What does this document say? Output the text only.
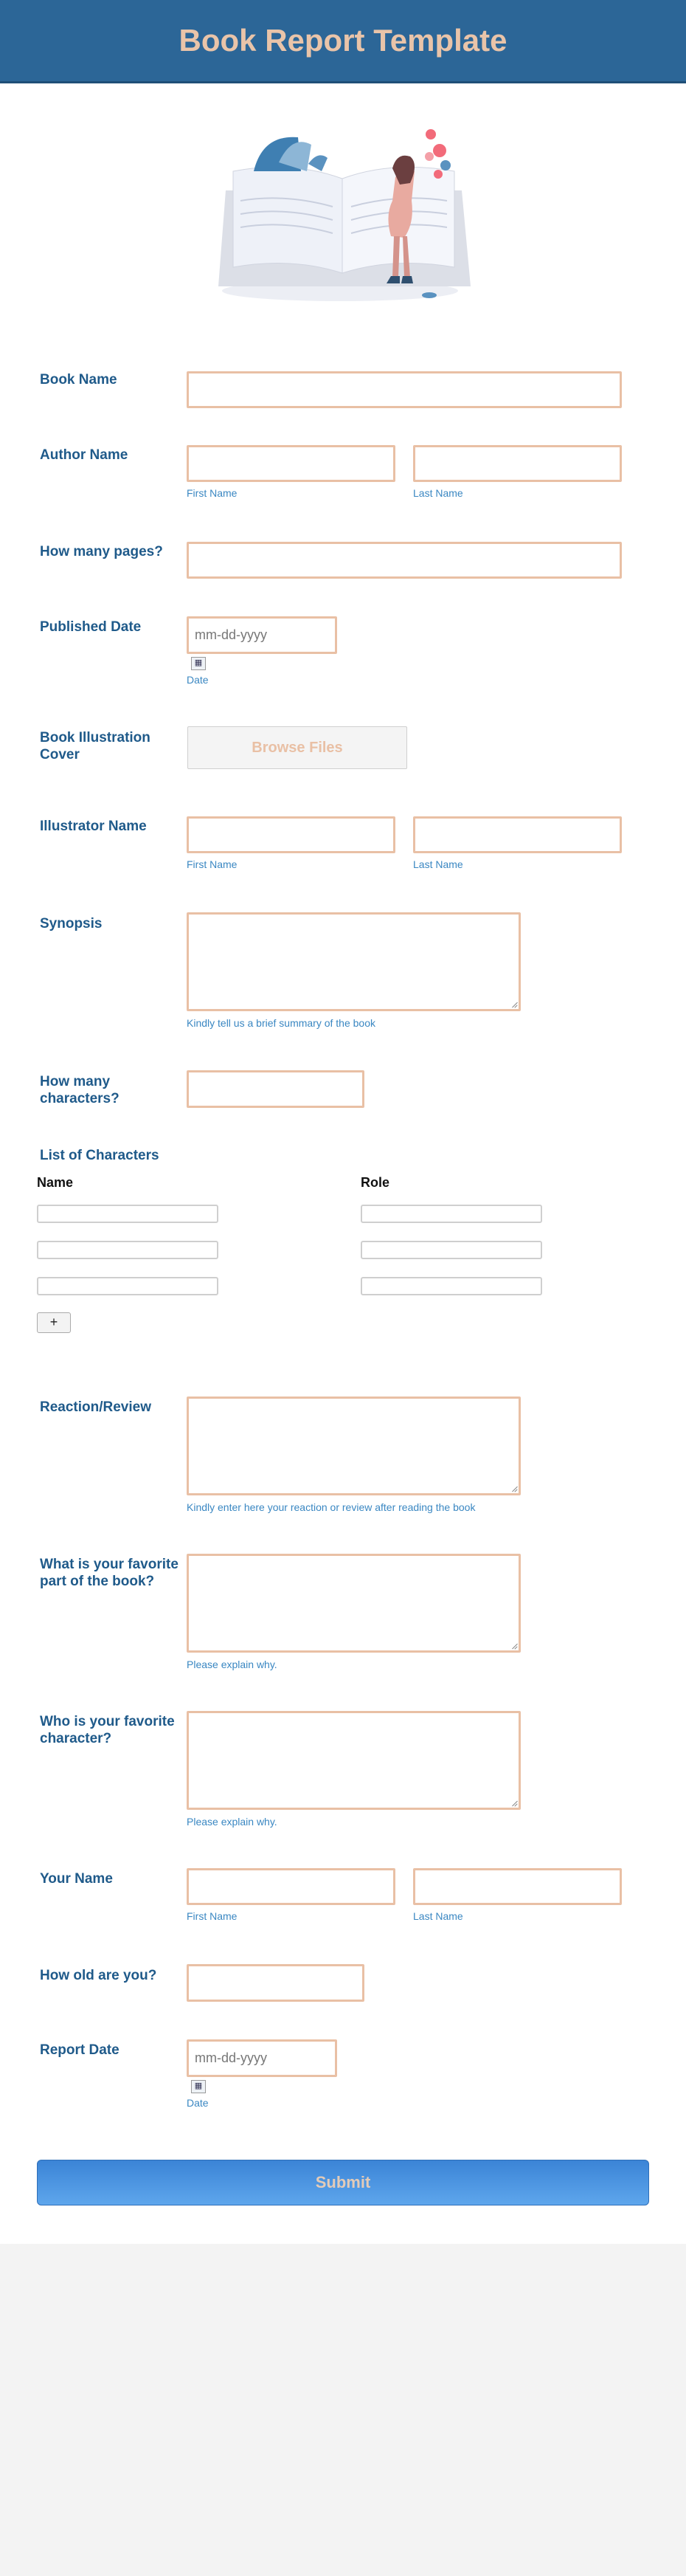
Book Report Template
Book Name
Author Name
First Name	Last Name
How many pages?
Published Date	mm-dd-yyyy
▦
Date
Book Illustration Cover	Browse Files
Illustrator Name
First Name	Last Name
Synopsis
Kindly tell us a brief summary of the book
How many characters?
List of Characters
Name	Role
+
Reaction/Review
Kindly enter here your reaction or review after reading the book
What is your favorite part of the book?
Please explain why.
Who is your favorite character?
Please explain why.
Your Name
First Name	Last Name
How old are you?
Report Date	mm-dd-yyyy
▦
Date
Submit
